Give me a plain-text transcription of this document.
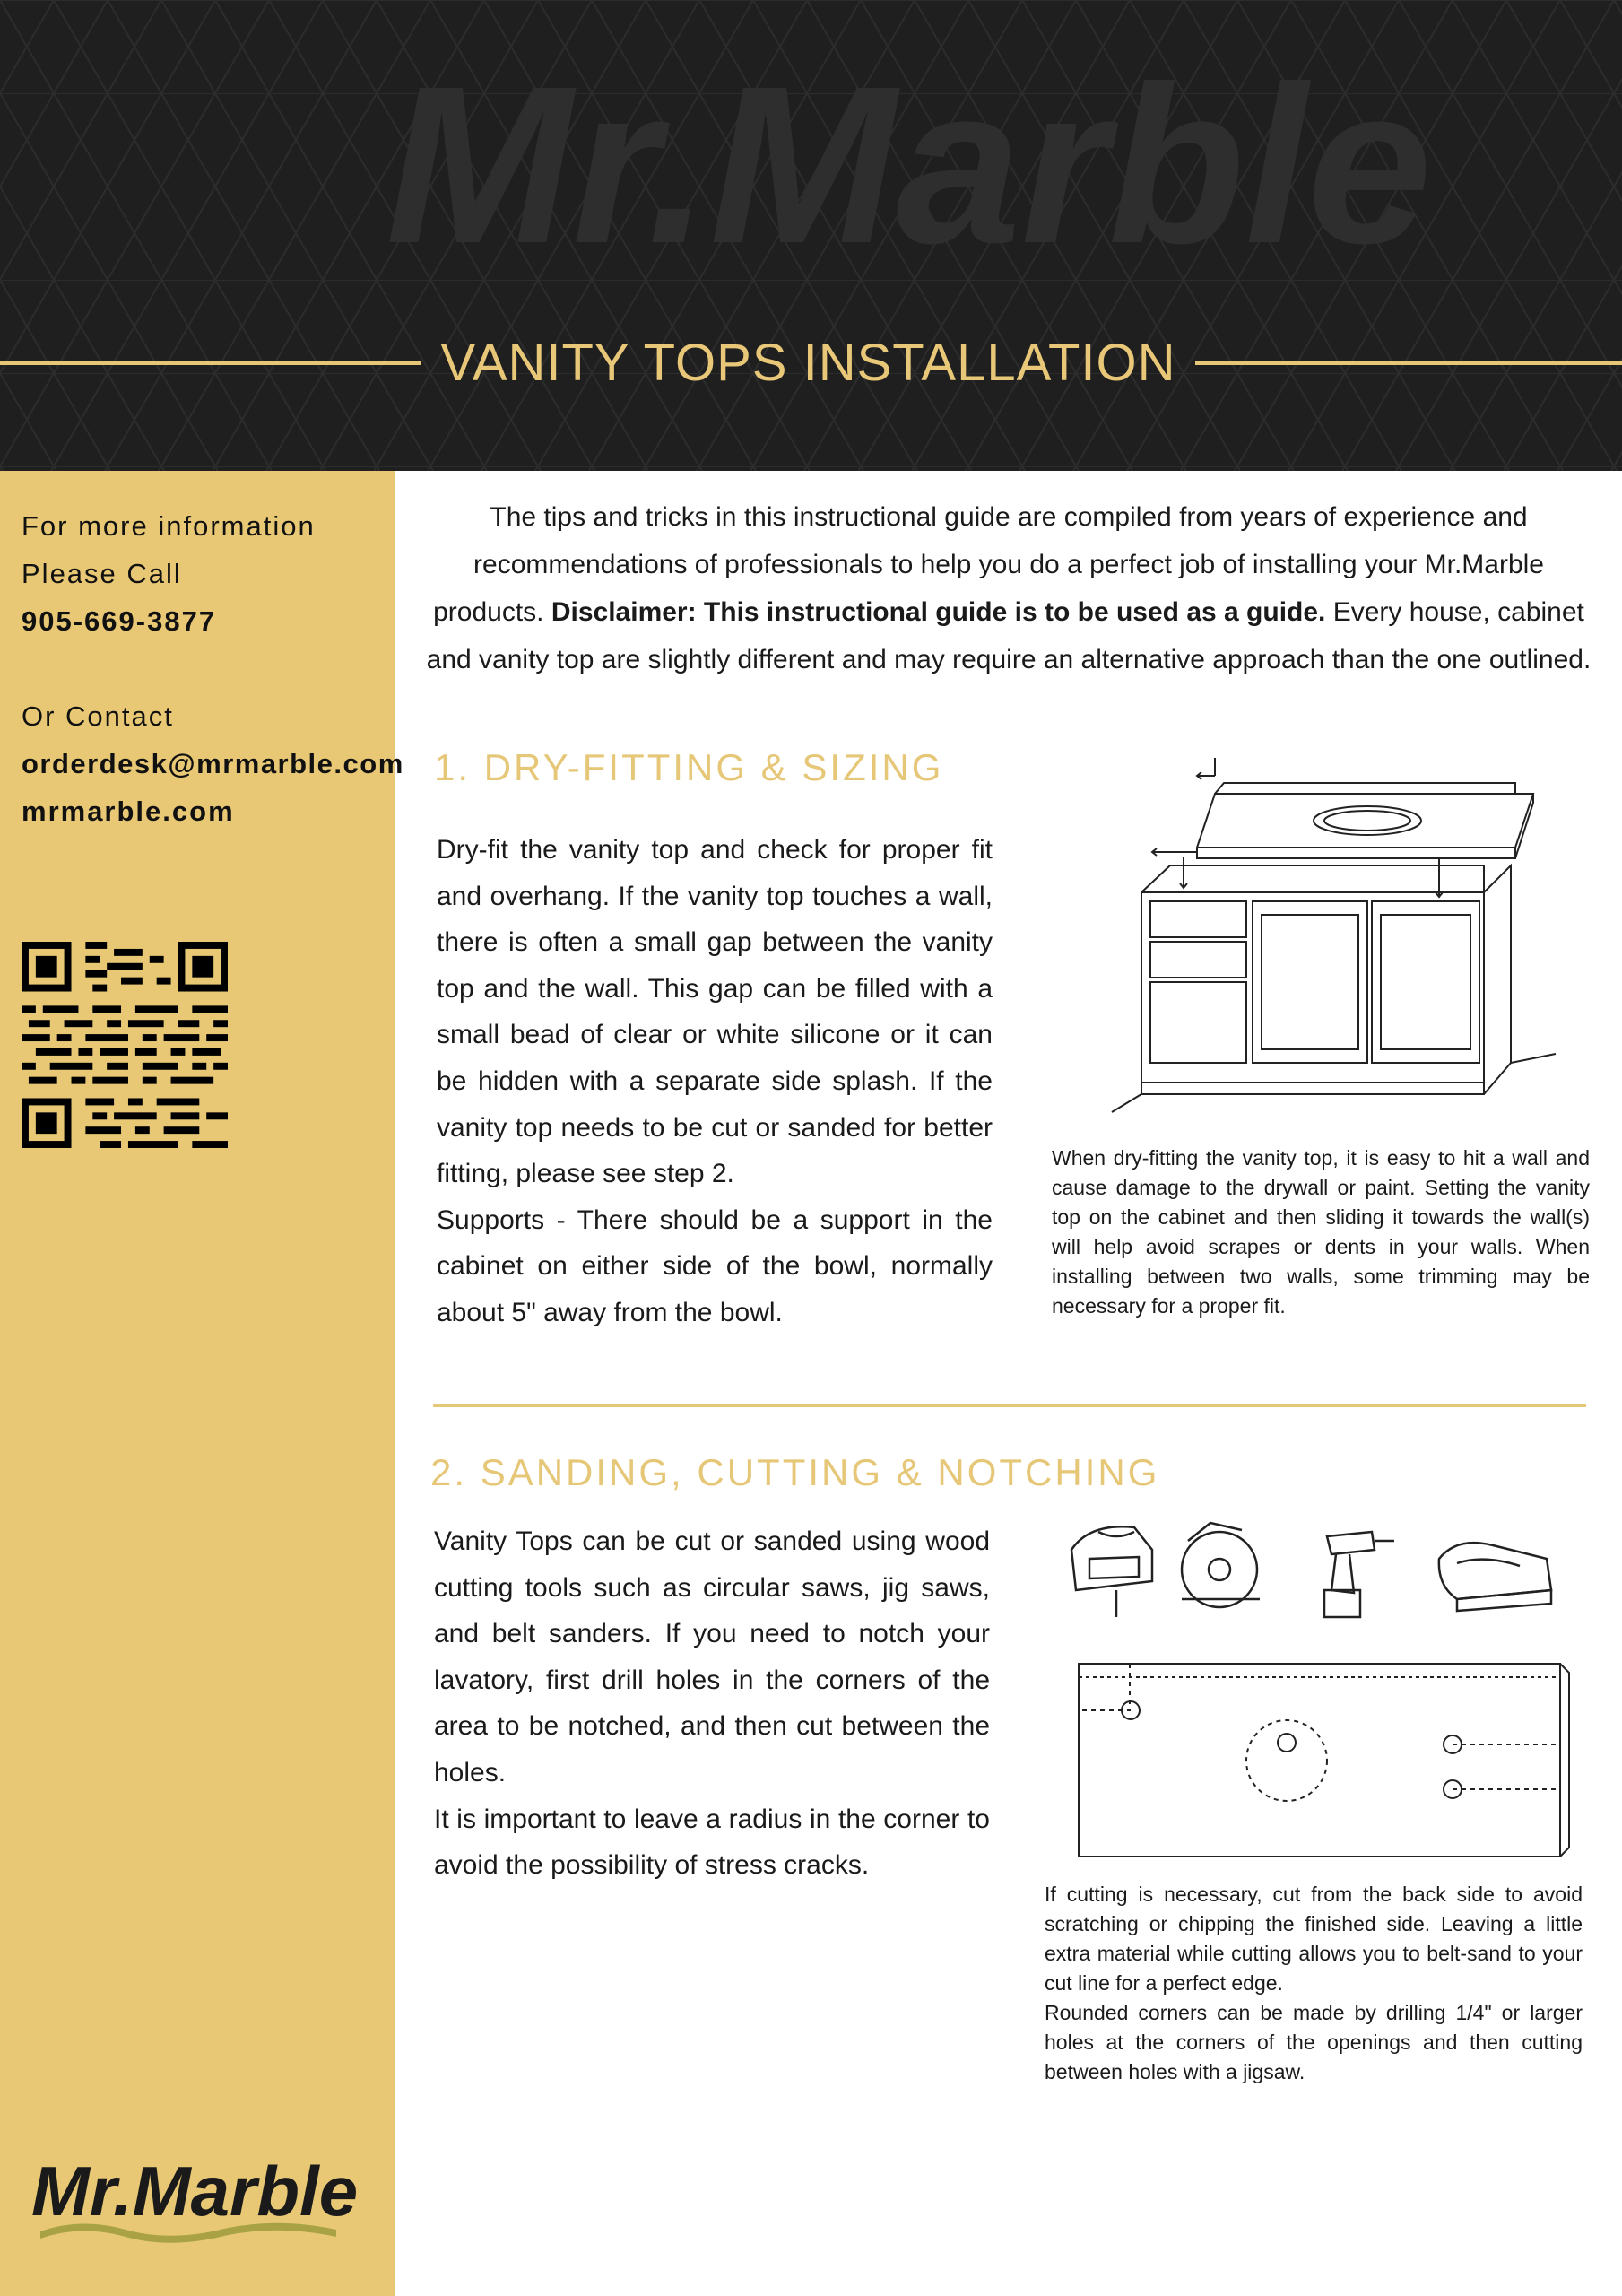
Mr.Marble
VANITY TOPS INSTALLATION
For more information
Please Call
905-669-3877
Or Contact
orderdesk@mrmarble.com
mrmarble.com
Mr.Marble
The tips and tricks in this instructional guide are compiled from years of experience and recommendations of professionals to help you do a perfect job of installing your Mr.Marble products. Disclaimer: This instructional guide is to be used as a guide. Every house, cabinet and vanity top are slightly different and may require an alternative approach than the one outlined.
1. DRY-FITTING & SIZING

Dry-fit the vanity top and check for proper fit and overhang. If the vanity top touches a wall, there is often a small gap between the vanity top and the wall. This gap can be filled with a small bead of clear or white silicone or it can be hidden with a separate side splash. If the vanity top needs to be cut or sanded for better fitting, please see step 2.

Supports - There should be a support in the cabinet on either side of the bowl, normally about 5" away from the bowl.

When dry-fitting the vanity top, it is easy to hit a wall and cause damage to the drywall or paint. Setting the vanity top on the cabinet and then sliding it towards the wall(s) will help avoid scrapes or dents in your walls. When installing between two walls, some trimming may be necessary for a proper fit.
2. SANDING, CUTTING & NOTCHING

Vanity Tops can be cut or sanded using wood cutting tools such as circular saws, jig saws, and belt sanders. If you need to notch your lavatory, first drill holes in the corners of the area to be notched, and then cut between the holes.

It is important to leave a radius in the corner to avoid the possibility of stress cracks.

If cutting is necessary, cut from the back side to avoid scratching or chipping the finished side. Leaving a little extra material while cutting allows you to belt-sand to your cut line for a perfect edge.

Rounded corners can be made by drilling 1/4" or larger holes at the corners of the openings and then cutting between holes with a jigsaw.
